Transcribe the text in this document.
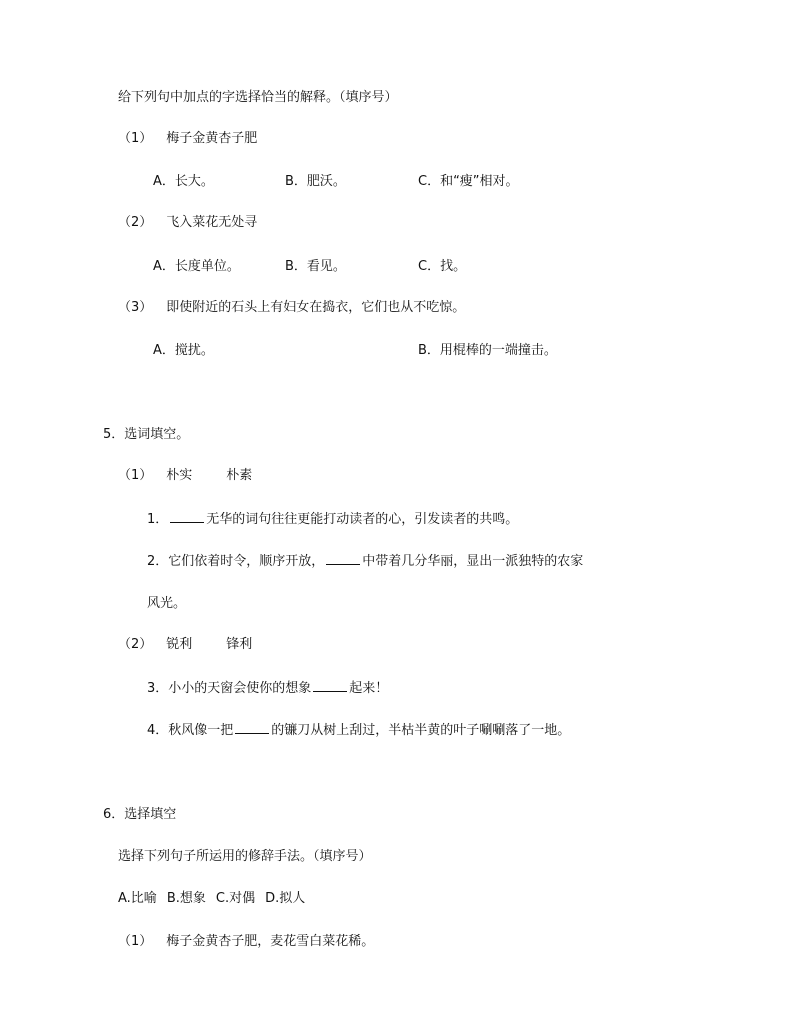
给下列句中加点的字选择恰当的解释。（填序号）
（1） 梅子金黄杏子肥
A．长大。	B．肥沃。	C．和“瘦”相对。
（2） 飞入菜花无处寻
A．长度单位。	B．看见。	C．找。
（3） 即使附近的石头上有妇女在捣衣，它们也从不吃惊。
A．搅扰。	B．用棍棒的一端撞击。
5．选词填空。
（1） 朴实	朴素
1．	无华的词句往往更能打动读者的心，引发读者的共鸣。
2．它们依着时令，顺序开放，	中带着几分华丽，显出一派独特的农家
风光。
（2） 锐利	锋利
3．小小的天窗会使你的想象	起来！
4．秋风像一把	的镰刀从树上刮过，半枯半黄的叶子唰唰落了一地。
6．选择填空
选择下列句子所运用的修辞手法。（填序号）
A.比喻 B.想象 C.对偶 D.拟人
（1） 梅子金黄杏子肥，麦花雪白菜花稀。
